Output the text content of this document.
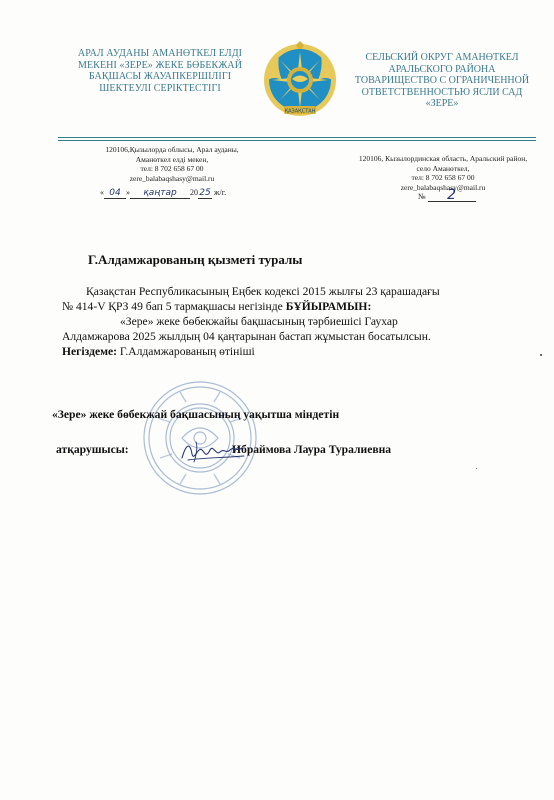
АРАЛ АУДАНЫ АМАНӨТКЕЛ ЕЛДІ МЕКЕНІ «ЗЕРЕ» ЖЕКЕ БӨБЕКЖАЙ БАҚШАСЫ ЖАУАПКЕРШІЛІГІ ШЕКТЕУЛІ СЕРІКТЕСТІГІ
ҚАЗАҚСТАН
СЕЛЬСКИЙ ОКРУГ АМАНӨТКЕЛ АРАЛЬСКОГО РАЙОНА ТОВАРИЩЕСТВО С ОГРАНИЧЕННОЙ ОТВЕТСТВЕННОСТЬЮ ЯСЛИ САД «ЗЕРЕ»
120106,Қызылорда облысы, Арал ауданы,
Аманөткел елді мекен,
тел: 8 702 658 67 00
zere_balabaqshasy@mail.ru
120106, Кызылординская область, Аральский район,
село Аманөткел,
тел: 8 702 658 67 00
zere_balabaqshasy@mail.ru
« 04 » қаңтар 2025 ж/г.	№ 2
Г.Алдамжарованың қызметі туралы

Қазақстан Республикасының Еңбек кодексі 2015 жылғы 23 қарашадағы

№ 414-V ҚРЗ 49 бап 5 тармақшасы негізінде БҰЙЫРАМЫН:

«Зере» жеке бөбекжайы бақшасының тәрбиешісі Гаухар

Алдамжарова 2025 жылдың 04 қаңтарынан бастап жұмыстан босатылсын.

Негіздеме: Г.Алдамжарованың өтініші

«Зере» жеке бөбекжай бақшасының уақытша міндетін
атқарушысы:	Ибраймова Лаура Туралиевна
